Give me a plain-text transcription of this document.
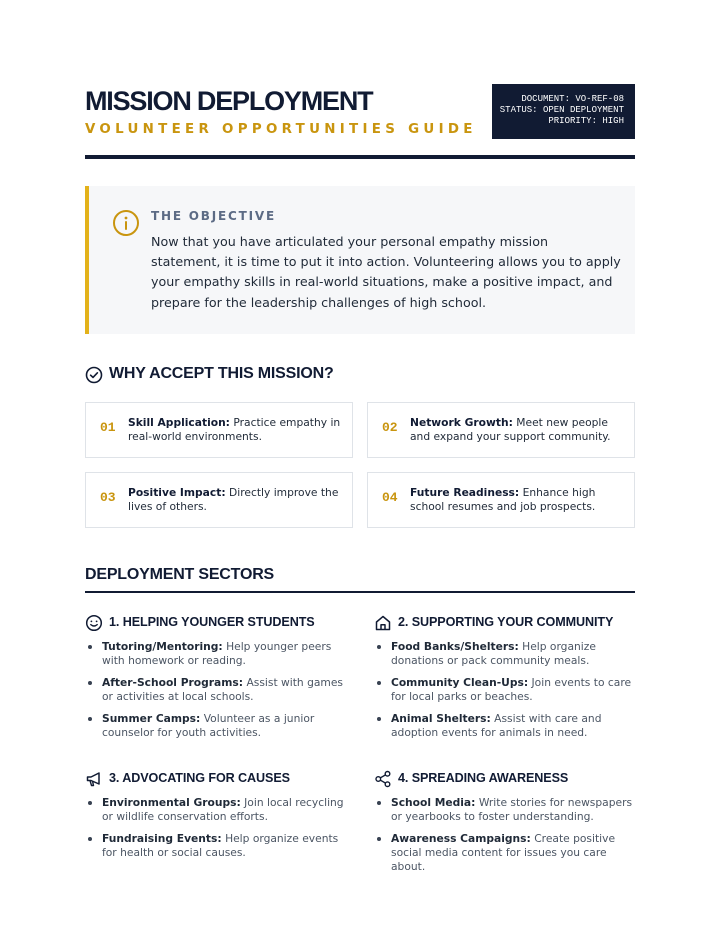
MISSION DEPLOYMENT
VOLUNTEER OPPORTUNITIES GUIDE
DOCUMENT: VO-REF-08
STATUS: OPEN DEPLOYMENT
PRIORITY: HIGH
THE OBJECTIVE
Now that you have articulated your personal empathy mission statement, it is time to put it into action. Volunteering allows you to apply your empathy skills in real-world situations, make a positive impact, and prepare for the leadership challenges of high school.
WHY ACCEPT THIS MISSION?
01 Skill Application: Practice empathy in real-world environments.
02 Network Growth: Meet new people and expand your support community.
03 Positive Impact: Directly improve the lives of others.
04 Future Readiness: Enhance high school resumes and job prospects.
DEPLOYMENT SECTORS
1. HELPING YOUNGER STUDENTS
Tutoring/Mentoring: Help younger peers with homework or reading.
After-School Programs: Assist with games or activities at local schools.
Summer Camps: Volunteer as a junior counselor for youth activities.
2. SUPPORTING YOUR COMMUNITY
Food Banks/Shelters: Help organize donations or pack community meals.
Community Clean-Ups: Join events to care for local parks or beaches.
Animal Shelters: Assist with care and adoption events for animals in need.
3. ADVOCATING FOR CAUSES
Environmental Groups: Join local recycling or wildlife conservation efforts.
Fundraising Events: Help organize events for health or social causes.
4. SPREADING AWARENESS
School Media: Write stories for newspapers or yearbooks to foster understanding.
Awareness Campaigns: Create positive social media content for issues you care about.
